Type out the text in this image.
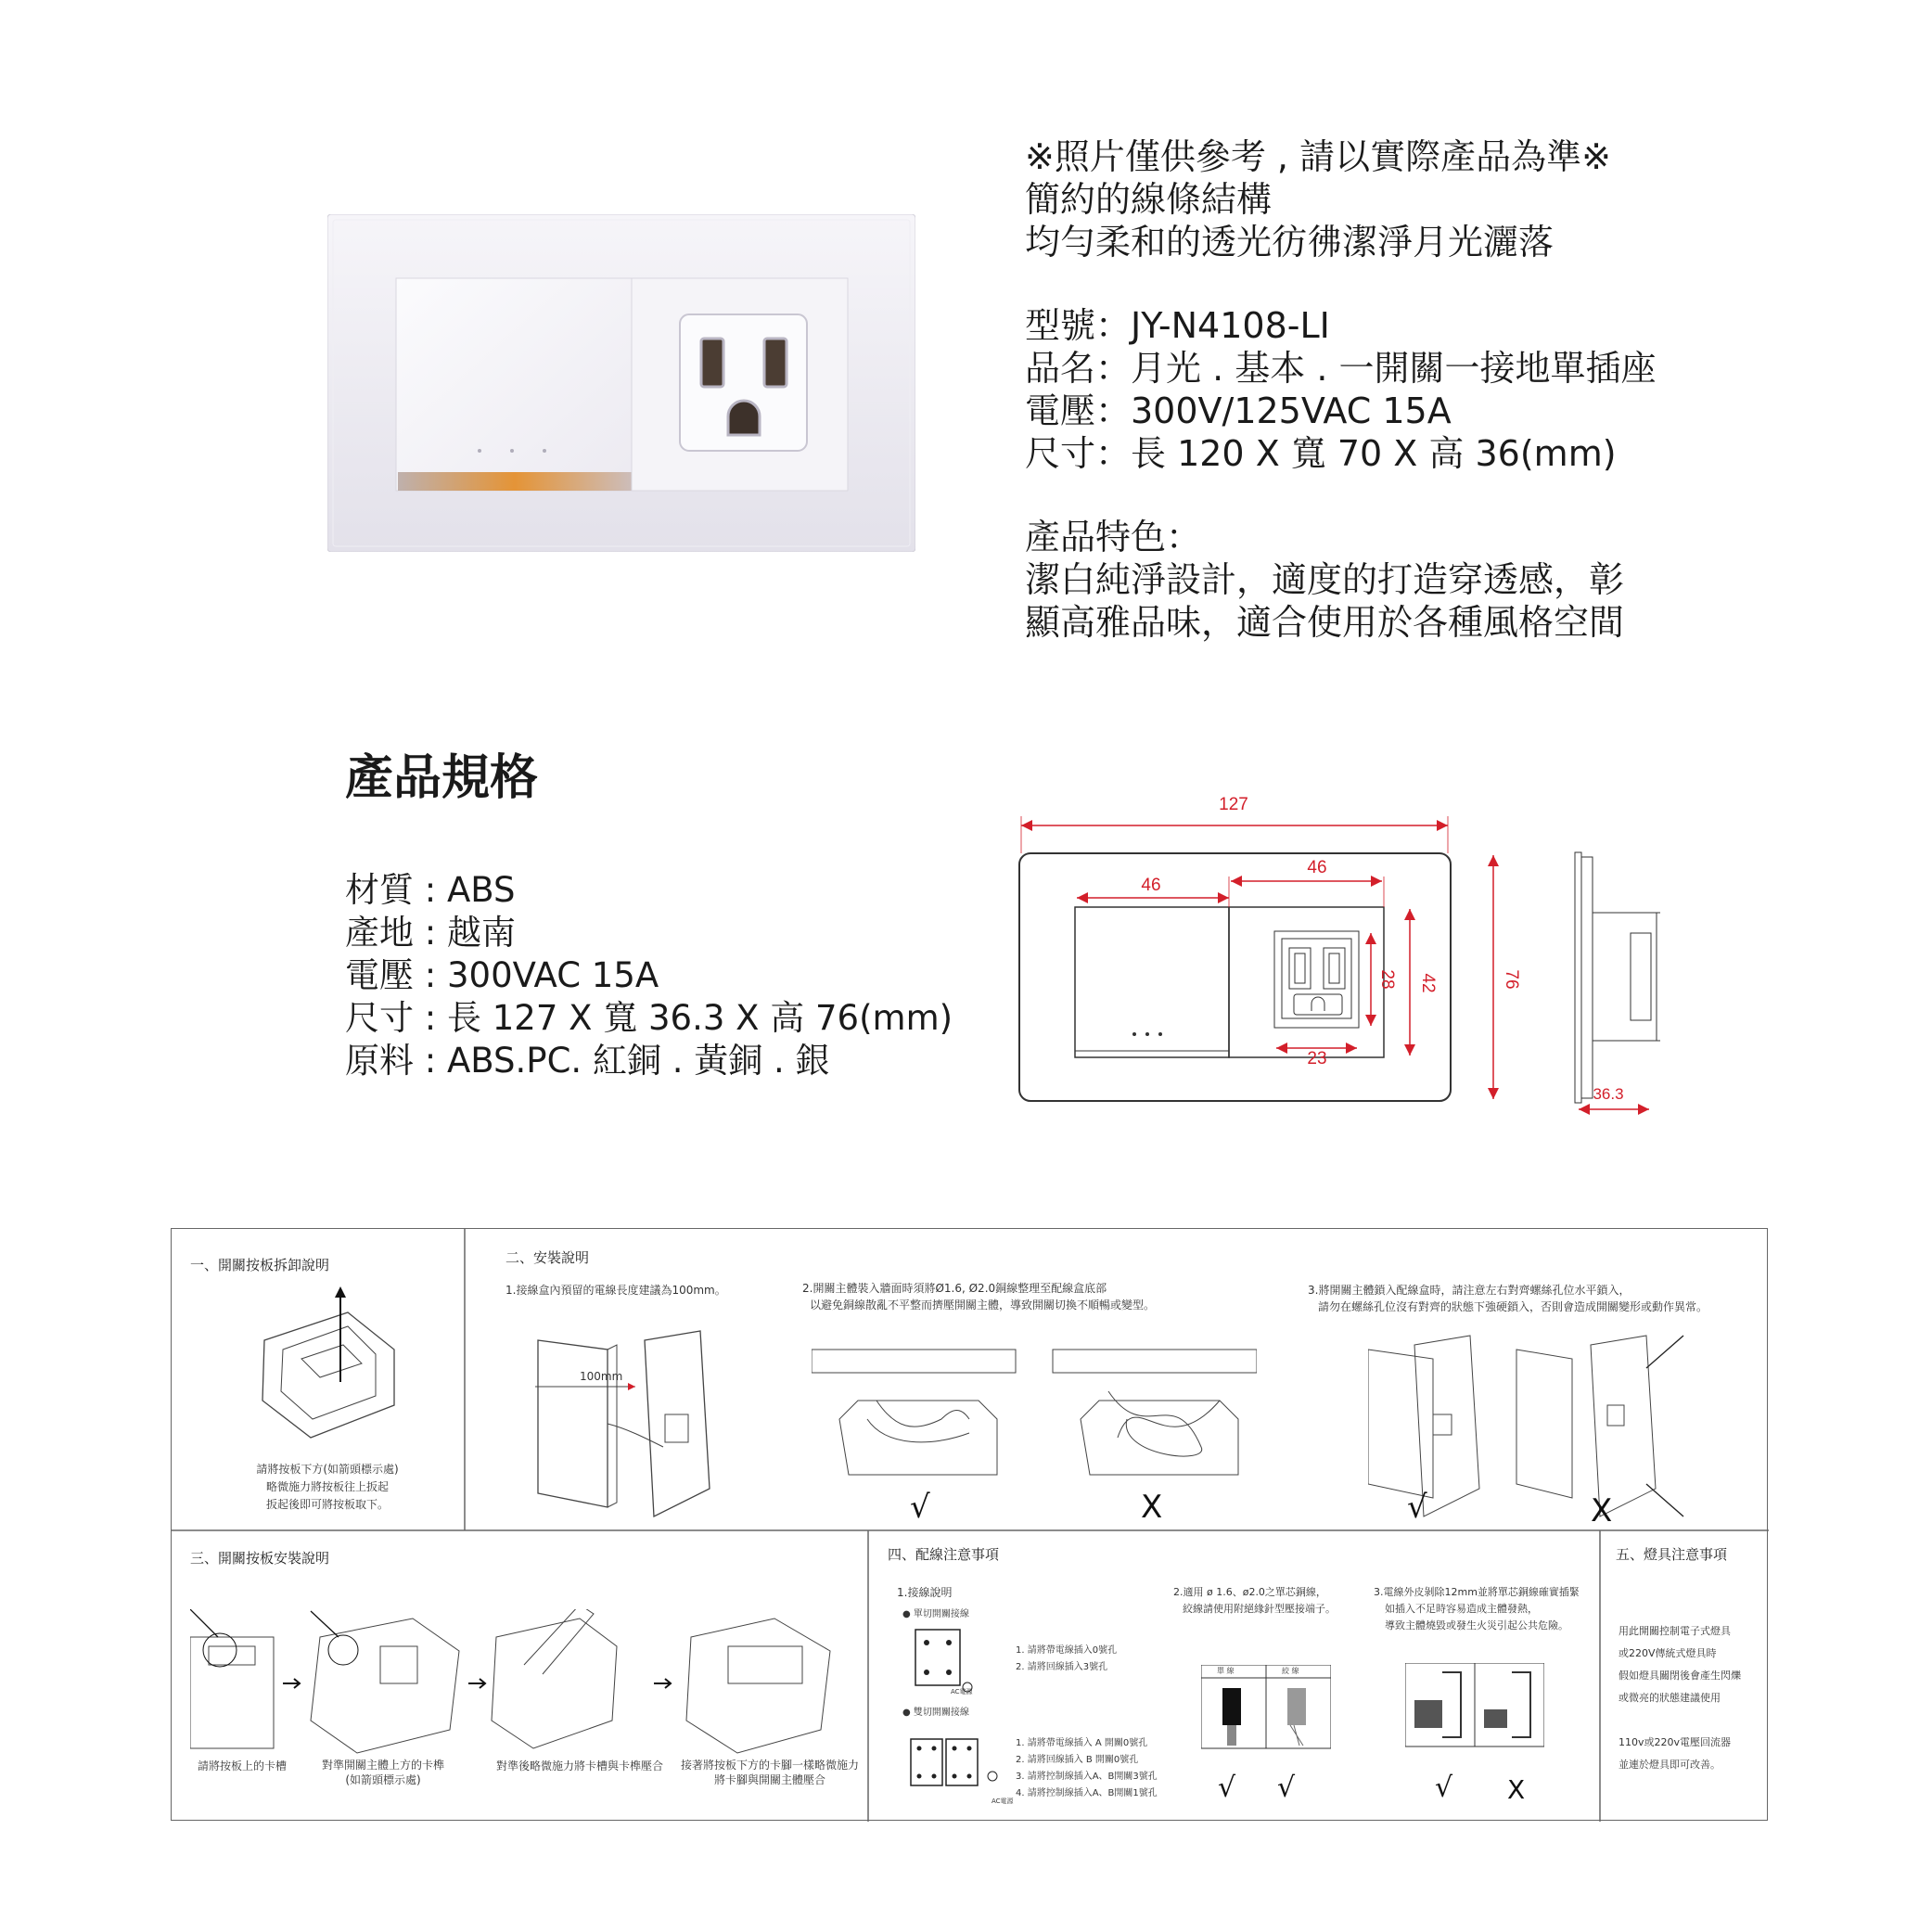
※照片僅供參考 , 請以實際產品為準※
簡約的線條結構
均勻柔和的透光彷彿潔淨月光灑落
型號：JY-N4108-LI
品名：月光 . 基本 . 一開關一接地單插座
電壓：300V/125VAC 15A
尺寸：長 120 X 寬 70 X 高 36(mm)
產品特色：
潔白純淨設計，適度的打造穿透感，彰
顯高雅品味，適合使用於各種風格空間
產品規格
材質 : ABS
產地 : 越南
電壓 : 300VAC 15A
尺寸 : 長 127 X 寬 36.3 X 高 76(mm)
原料 : ABS.PC. 紅銅 . 黃銅 . 銀
127
46
46
28 42	76
23
36.3
一、開關按板拆卸說明
請將按板下方(如箭頭標示處)
略微施力將按板往上扳起
扳起後即可將按板取下。
二、安裝說明
1.接線盒內預留的電線長度建議為100mm。
100mm
2.開關主體裝入牆面時須將Ø1.6, Ø2.0銅線整理至配線盒底部
以避免銅線散亂不平整而擠壓開關主體，導致開關切換不順暢或變型。
3.將開關主體鎖入配線盒時，請注意左右對齊螺絲孔位水平鎖入，
請勿在螺絲孔位沒有對齊的狀態下強硬鎖入，否則會造成開關變形或動作異常。
√	X	√	X
三、開關按板安裝說明
請將按板上的卡槽	對準開關主體上方的卡榫
(如箭頭標示處)
對準後略微施力將卡槽與卡榫壓合	接著將按板下方的卡腳一樣略微施力
將卡腳與開關主體壓合
四、配線注意事項
1.接線說明
● 單切開關接線
AC電源
1. 請將帶電線插入0號孔
2. 請將回線插入3號孔
● 雙切開關接線
AC電源
1. 請將帶電線插入 A 開關0號孔
2. 請將回線插入 B 開關0號孔
3. 請將控制線插入A、B開關3號孔
4. 請將控制線插入A、B開關1號孔
2.適用 ø 1.6、ø2.0之單芯銅線，
絞線請使用附絕緣針型壓接端子。
單 線	絞 線
3.電線外皮剝除12mm並將單芯銅線確實插緊
如插入不足時容易造成主體發熱，
導致主體燒毀或發生火災引起公共危險。
√ √	√ X
五、燈具注意事項
用此開關控制電子式燈具
或220V傳統式燈具時
假如燈具關閉後會產生閃爍
或微亮的狀態建議使用
110v或220v電壓回流器
並連於燈具即可改善。
